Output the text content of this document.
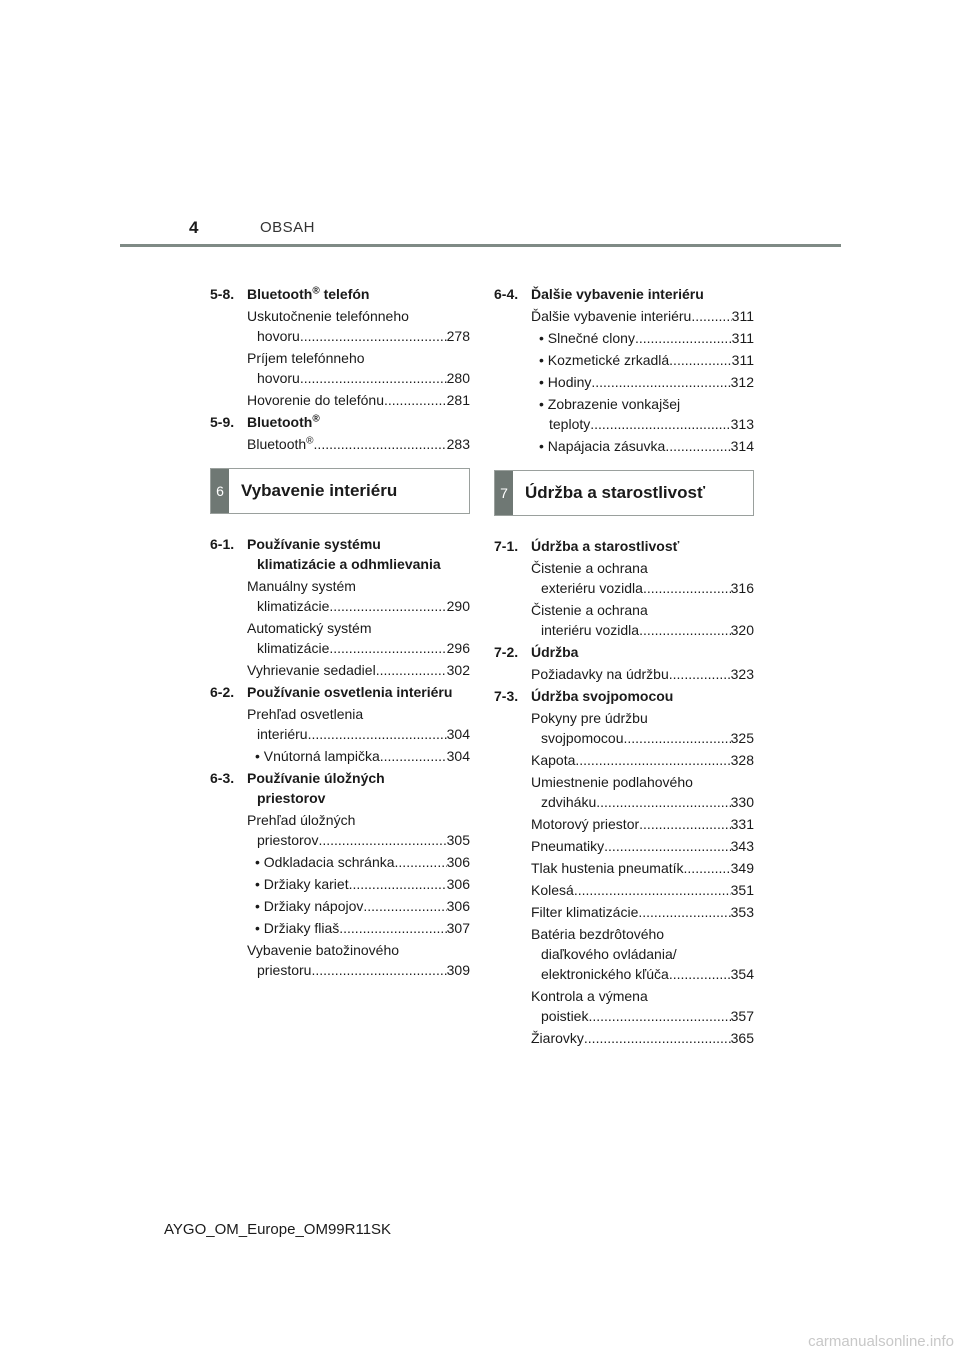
4	OBSAH
5-8. Bluetooth® telefón
Uskutočnenie telefónneho
hovoru .....	278
Príjem telefónneho
hovoru .....	280
Hovorenie do telefónu .....	281
5-9. Bluetooth®
Bluetooth® .....	283
6	Vybavenie interiéru
6-1. Používanie systému
klimatizácie a odhmlievania
Manuálny systém
klimatizácie .....	290
Automatický systém
klimatizácie .....	296
Vyhrievanie sedadiel .....	302
6-2. Používanie osvetlenia interiéru
Prehľad osvetlenia
interiéru .....	304
• Vnútorná lampička .....	304
6-3. Používanie úložných
priestorov
Prehľad úložných
priestorov .....	305
• Odkladacia schránka .....	306
• Držiaky kariet .....	306
• Držiaky nápojov .....	306
• Držiaky fliaš .....	307
Vybavenie batožinového
priestoru .....	309
6-4. Ďalšie vybavenie interiéru
Ďalšie vybavenie interiéru .....	311
• Slnečné clony .....	311
• Kozmetické zrkadlá .....	311
• Hodiny .....	312
• Zobrazenie vonkajšej
teploty .....	313
• Napájacia zásuvka .....	314
7	Údržba a starostlivosť
7-1. Údržba a starostlivosť
Čistenie a ochrana
exteriéru vozidla .....	316
Čistenie a ochrana
interiéru vozidla .....	320
7-2. Údržba
Požiadavky na údržbu .....	323
7-3. Údržba svojpomocou
Pokyny pre údržbu
svojpomocou .....	325
Kapota .....	328
Umiestnenie podlahového
zdviháku .....	330
Motorový priestor .....	331
Pneumatiky .....	343
Tlak hustenia pneumatík .....	349
Kolesá .....	351
Filter klimatizácie .....	353
Batéria bezdrôtového
diaľkového ovládania/
elektronického kľúča .....	354
Kontrola a výmena
poistiek .....	357
Žiarovky .....	365
AYGO_OM_Europe_OM99R11SK
carmanualsonline.info
